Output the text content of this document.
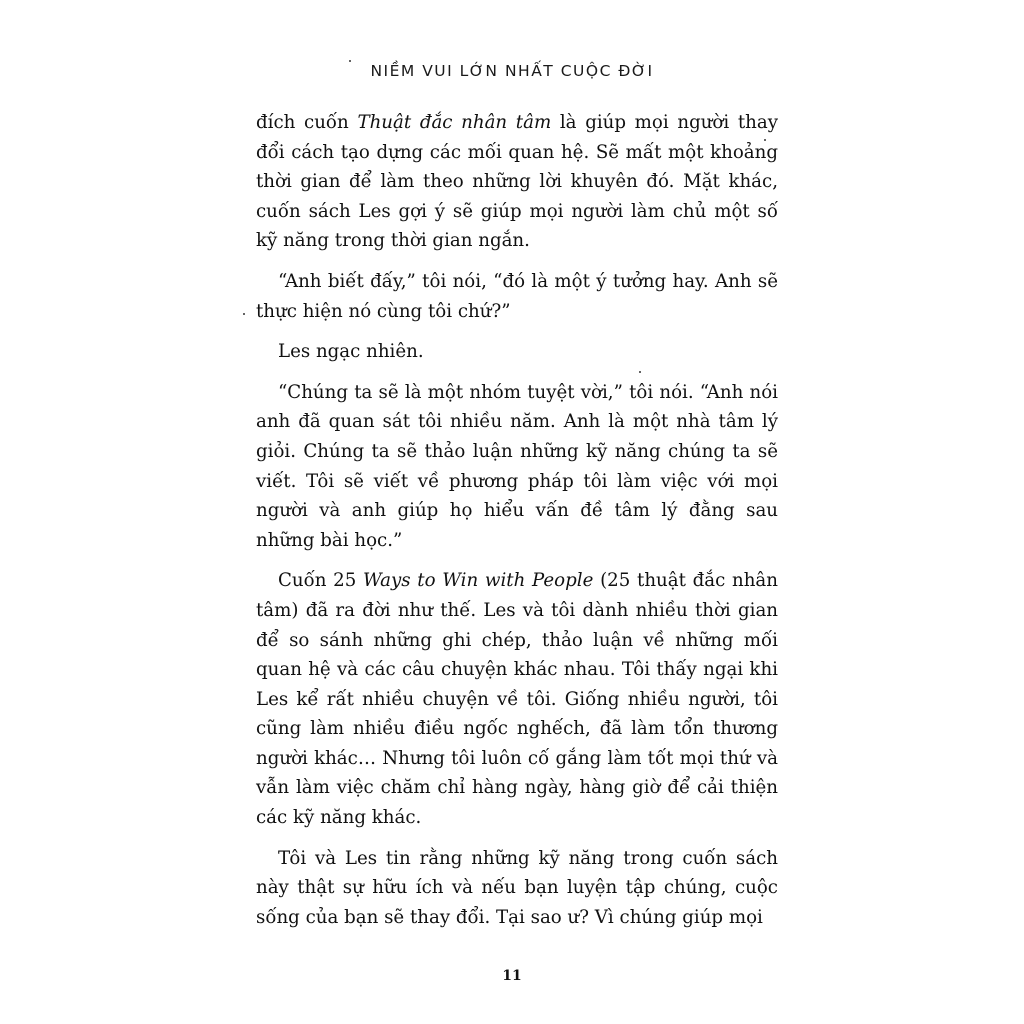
NIỀM VUI LỚN NHẤT CUỘC ĐỜI

đích cuốn Thuật đắc nhân tâm là giúp mọi người thay đổi cách tạo dựng các mối quan hệ. Sẽ mất một khoảng thời gian để làm theo những lời khuyên đó. Mặt khác, cuốn sách Les gợi ý sẽ giúp mọi người làm chủ một số kỹ năng trong thời gian ngắn.

“Anh biết đấy,” tôi nói, “đó là một ý tưởng hay. Anh sẽ thực hiện nó cùng tôi chứ?”

Les ngạc nhiên.

“Chúng ta sẽ là một nhóm tuyệt vời,” tôi nói. “Anh nói anh đã quan sát tôi nhiều năm. Anh là một nhà tâm lý giỏi. Chúng ta sẽ thảo luận những kỹ năng chúng ta sẽ viết. Tôi sẽ viết về phương pháp tôi làm việc với mọi người và anh giúp họ hiểu vấn đề tâm lý đằng sau những bài học.”

Cuốn 25 Ways to Win with People (25 thuật đắc nhân tâm) đã ra đời như thế. Les và tôi dành nhiều thời gian để so sánh những ghi chép, thảo luận về những mối quan hệ và các câu chuyện khác nhau. Tôi thấy ngại khi Les kể rất nhiều chuyện về tôi. Giống nhiều người, tôi cũng làm nhiều điều ngốc nghếch, đã làm tổn thương người khác… Nhưng tôi luôn cố gắng làm tốt mọi thứ và vẫn làm việc chăm chỉ hàng ngày, hàng giờ để cải thiện các kỹ năng khác.

Tôi và Les tin rằng những kỹ năng trong cuốn sách này thật sự hữu ích và nếu bạn luyện tập chúng, cuộc sống của bạn sẽ thay đổi. Tại sao ư? Vì chúng giúp mọi

11
